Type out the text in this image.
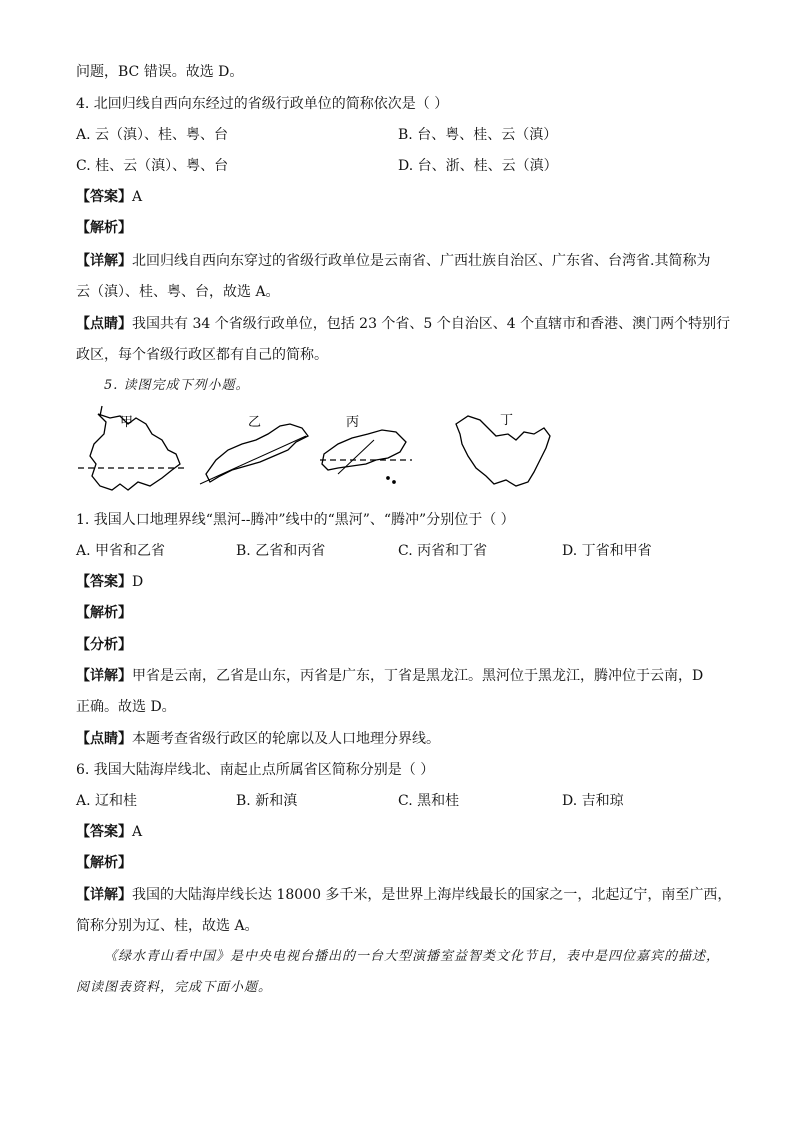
问题，BC 错误。故选 D。
4. 北回归线自西向东经过的省级行政单位的简称依次是（ ）
A. 云（滇）、桂、粤、台	B. 台、粤、桂、云（滇）
C. 桂、云（滇）、粤、台	D. 台、浙、桂、云（滇）
【答案】A
【解析】
【详解】北回归线自西向东穿过的省级行政单位是云南省、广西壮族自治区、广东省、台湾省.其简称为
云（滇）、桂、粤、台，故选 A。
【点睛】我国共有 34 个省级行政单位，包括 23 个省、5 个自治区、4 个直辖市和香港、澳门两个特别行
政区，每个省级行政区都有自己的简称。
5. 读图完成下列小题。
甲	乙	丙	丁
1. 我国人口地理界线“黑河--腾冲”线中的“黑河”、“腾冲”分别位于（ ）
A. 甲省和乙省	B. 乙省和丙省	C. 丙省和丁省	D. 丁省和甲省
【答案】D
【解析】
【分析】
【详解】甲省是云南，乙省是山东，丙省是广东，丁省是黑龙江。黑河位于黑龙江，腾冲位于云南，D
正确。故选 D。
【点睛】本题考查省级行政区的轮廓以及人口地理分界线。
6. 我国大陆海岸线北、南起止点所属省区简称分别是（ ）
A. 辽和桂	B. 新和滇	C. 黑和桂	D. 吉和琼
【答案】A
【解析】
【详解】我国的大陆海岸线长达 18000 多千米，是世界上海岸线最长的国家之一，北起辽宁，南至广西，
简称分别为辽、桂，故选 A。
《绿水青山看中国》是中央电视台播出的一台大型演播室益智类文化节目，表中是四位嘉宾的描述，
阅读图表资料，完成下面小题。
